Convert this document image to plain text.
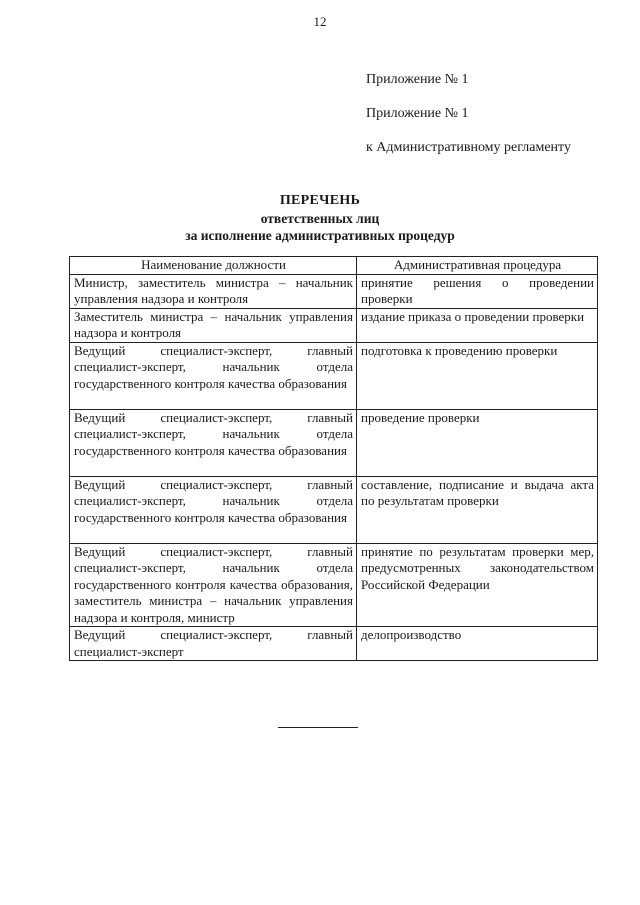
12
Приложение № 1
Приложение № 1
к Административному регламенту
ПЕРЕЧЕНЬ
ответственных лиц
за исполнение административных процедур
Наименование должности	Административная процедура
Министр, заместитель министра – начальник управления надзора и контроля	принятие решения о проведении проверки
Заместитель министра – начальник управления надзора и контроля	издание приказа о проведении проверки
Ведущий специалист-эксперт, главный специалист-эксперт, начальник отдела государственного контроля качества образования	подготовка к проведению проверки
Ведущий специалист-эксперт, главный специалист-эксперт, начальник отдела государственного контроля качества образования	проведение проверки
Ведущий специалист-эксперт, главный специалист-эксперт, начальник отдела государственного контроля качества образования	составление, подписание и выдача акта по результатам проверки
Ведущий специалист-эксперт, главный специалист-эксперт, начальник отдела государственного контроля качества образования, заместитель министра – начальник управления надзора и контроля, министр	принятие по результатам проверки мер, предусмотренных законодательством Российской Федерации
Ведущий специалист-эксперт, главный специалист-эксперт	делопроизводство
